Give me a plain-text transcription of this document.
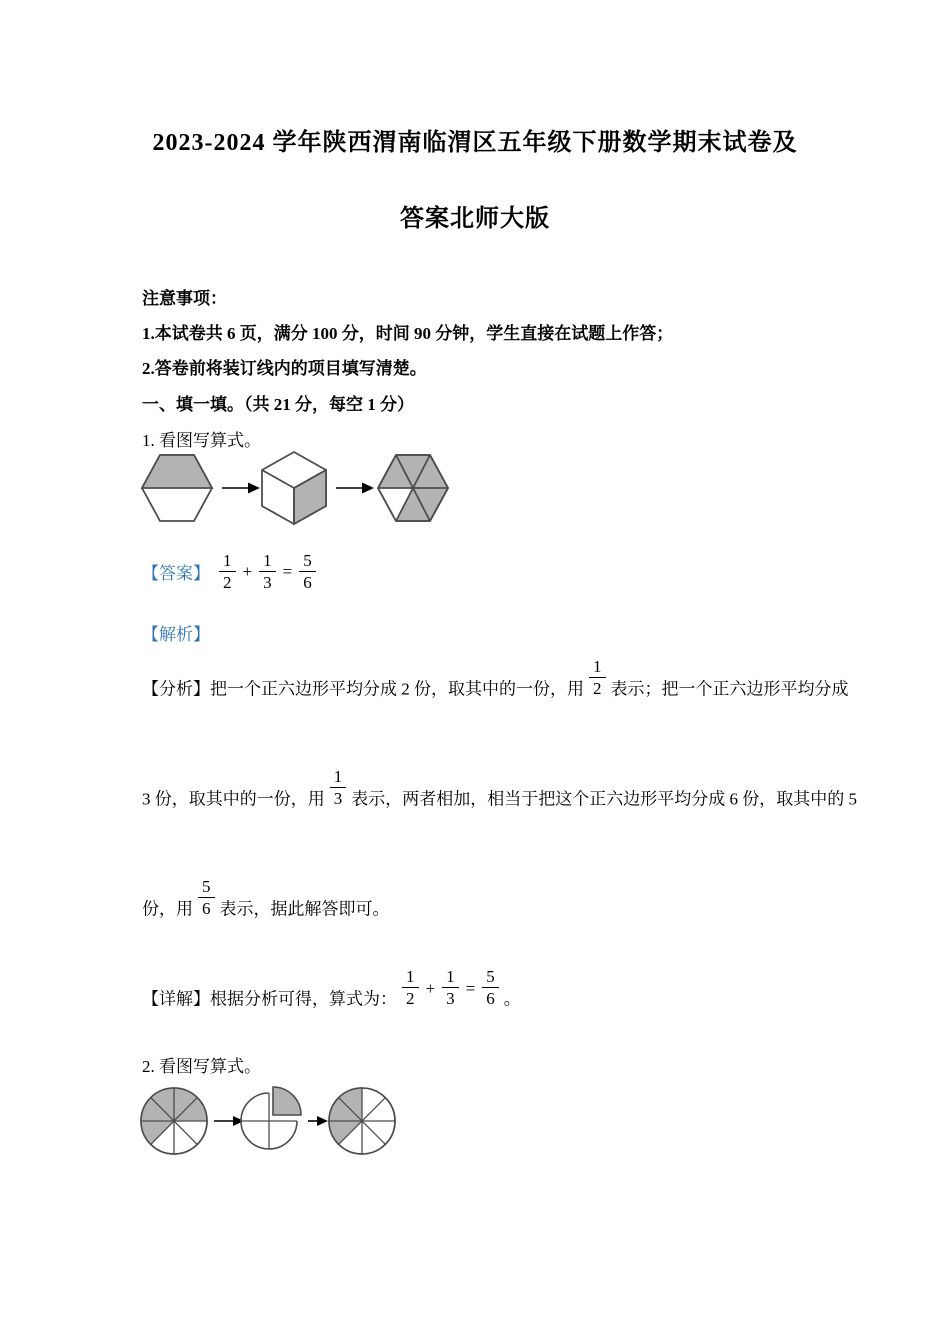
2023-2024 学年陕西渭南临渭区五年级下册数学期末试卷及
答案北师大版
注意事项：
1.本试卷共 6 页，满分 100 分，时间 90 分钟，学生直接在试题上作答；
2.答卷前将装订线内的项目填写清楚。
一、填一填。（共 21 分，每空 1 分）
1. 看图写算式。
【答案】 $\frac{1}{2} + \frac{1}{3} = \frac{5}{6}$
【解析】
【分析】把一个正六边形平均分成 2 份，取其中的一份，用 $\frac{1}{2}$ 表示；把一个正六边形平均分成
3 份，取其中的一份，用 $\frac{1}{3}$ 表示，两者相加，相当于把这个正六边形平均分成 6 份，取其中的 5
份，用 $\frac{5}{6}$ 表示，据此解答即可。
【详解】根据分析可得，算式为： $\frac{1}{2} + \frac{1}{3} = \frac{5}{6}$ 。
2. 看图写算式。
